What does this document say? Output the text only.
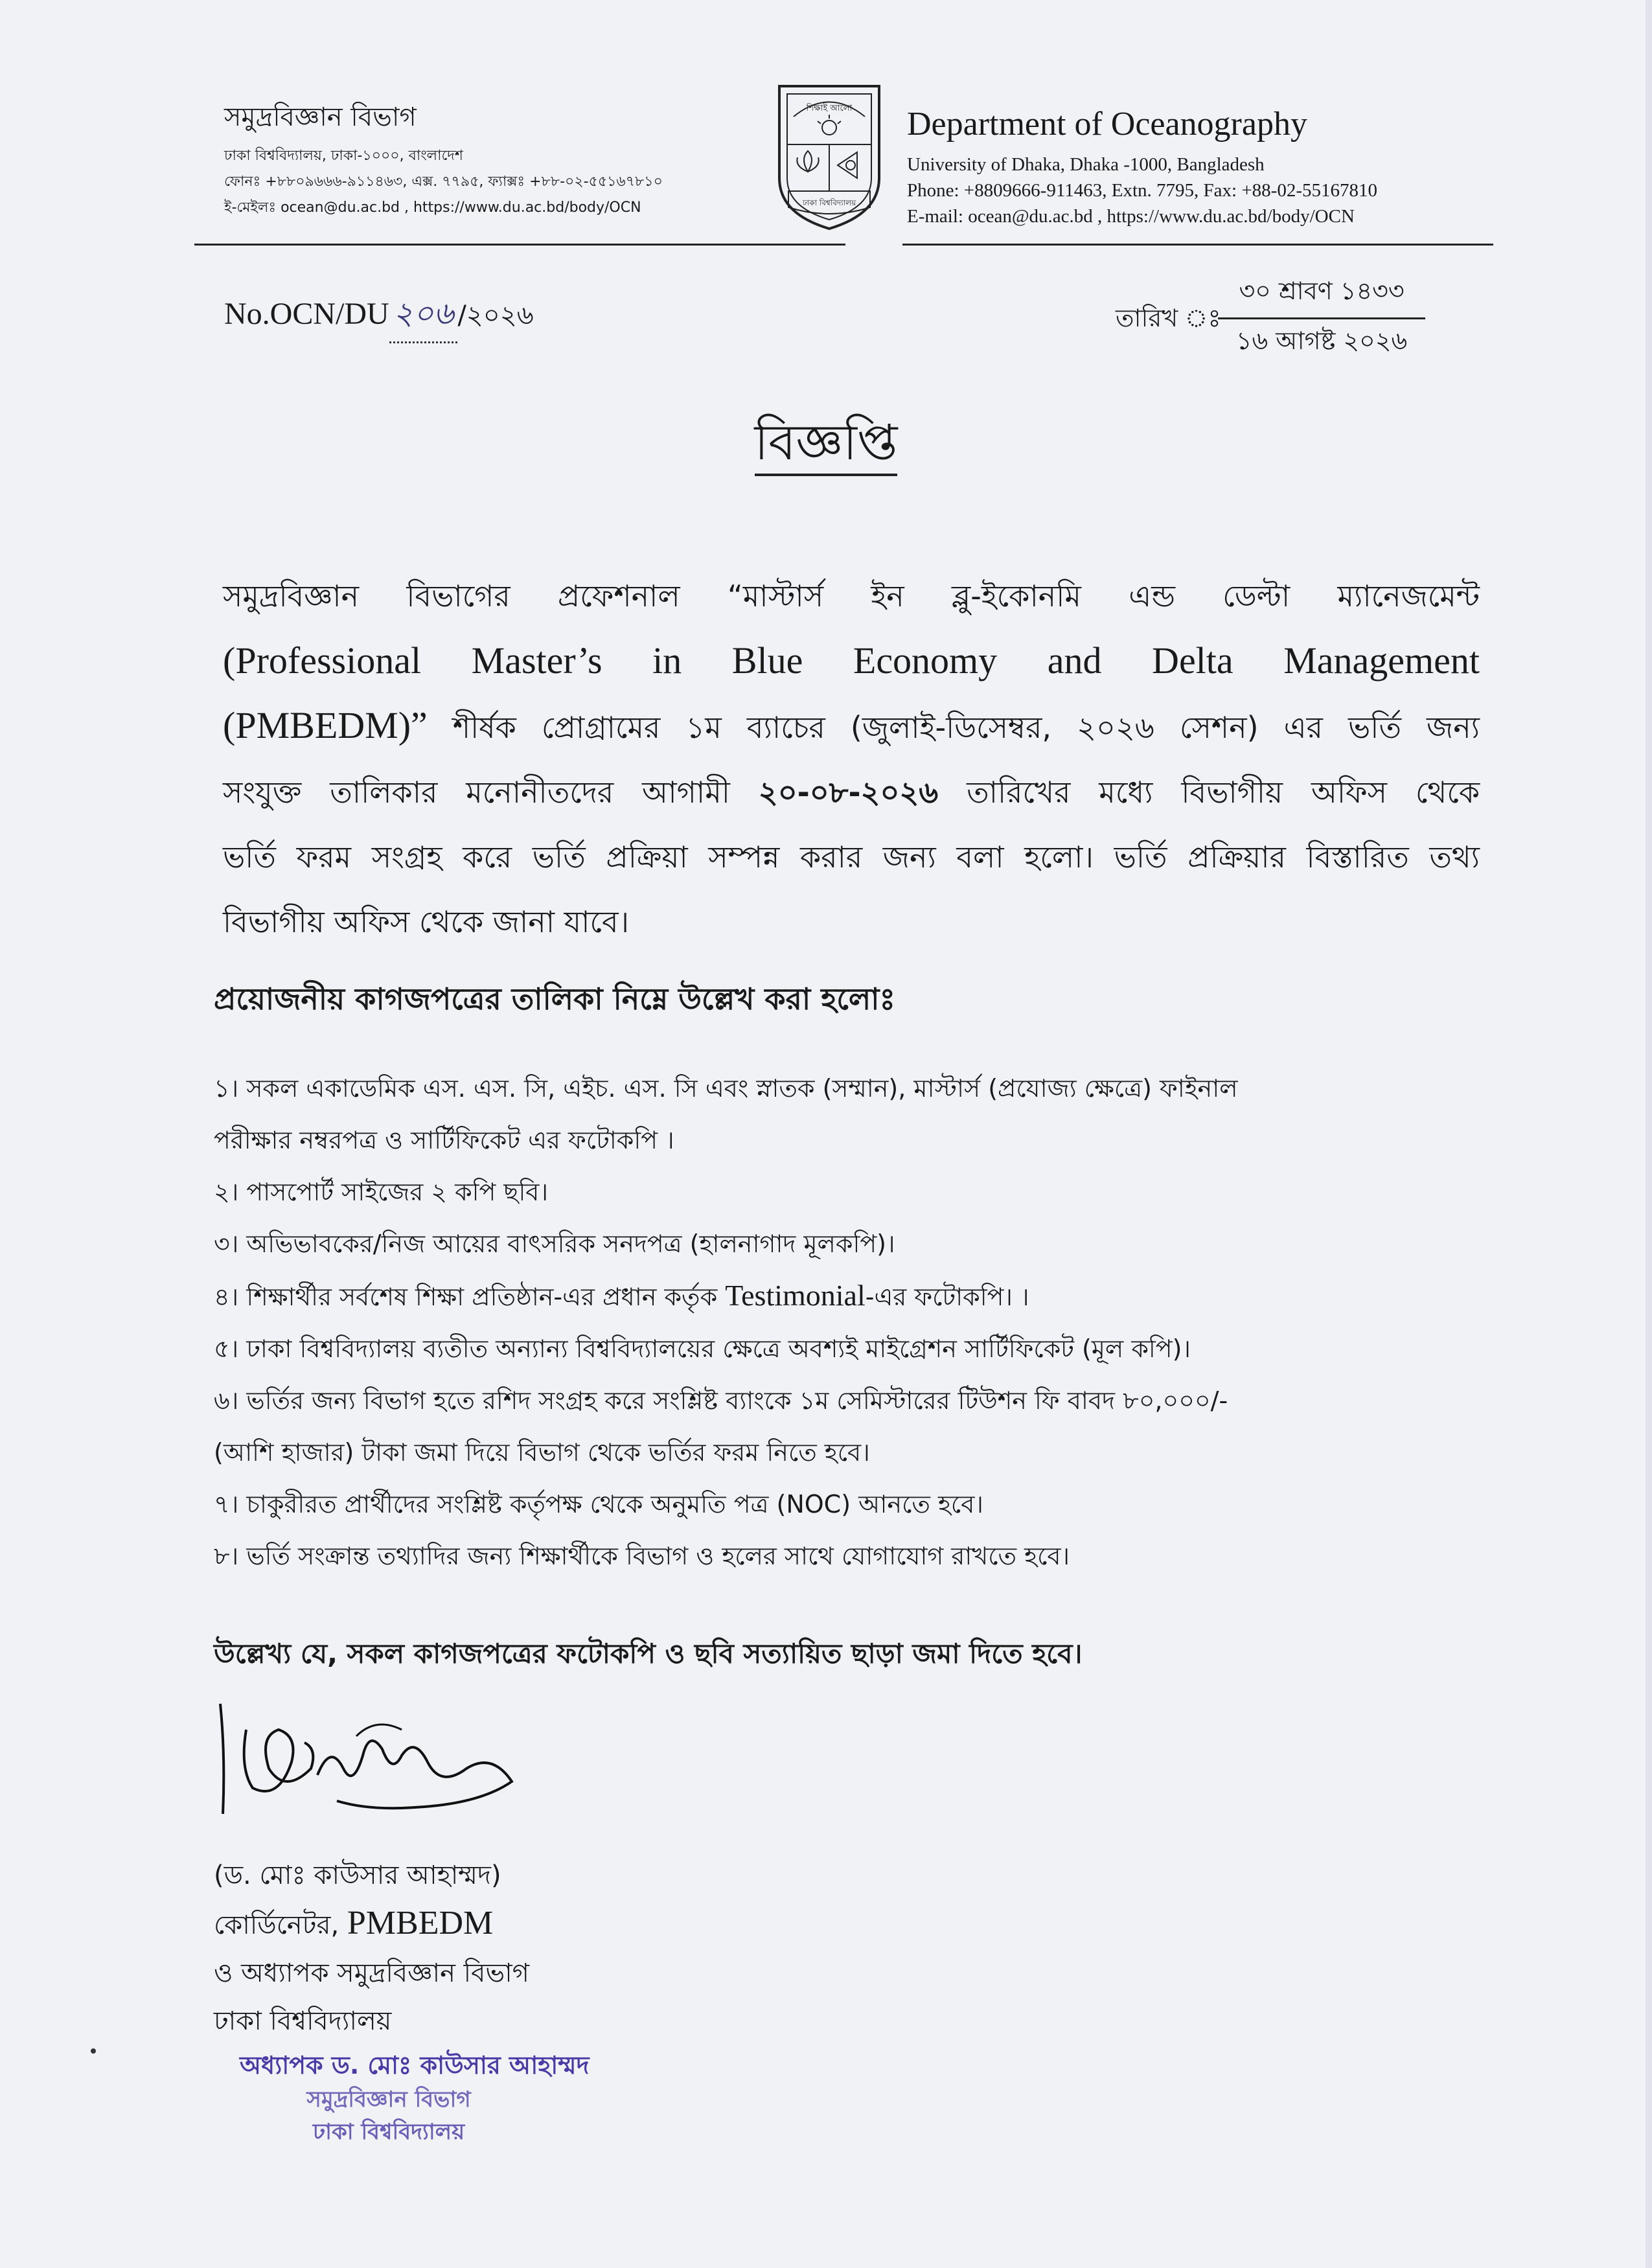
সমুদ্রবিজ্ঞান বিভাগ
ঢাকা বিশ্ববিদ্যালয়, ঢাকা-১০০০, বাংলাদেশ
ফোনঃ +৮৮০৯৬৬৬-৯১১৪৬৩, এক্স. ৭৭৯৫, ফ্যাক্সঃ +৮৮-০২-৫৫১৬৭৮১০
ই-মেইলঃ ocean@du.ac.bd , https://www.du.ac.bd/body/OCN
শিক্ষাই আলো
ঢাকা বিশ্ববিদ্যালয়
Department of Oceanography
University of Dhaka, Dhaka -1000, Bangladesh
Phone: +8809666-911463, Extn. 7795, Fax: +88-02-55167810
E-mail: ocean@du.ac.bd , https://www.du.ac.bd/body/OCN
No.OCN/DU ২০৬ /২০২৬	তারিখ ঃ
৩০ শ্রাবণ ১৪৩৩
১৬ আগষ্ট ২০২৬
বিজ্ঞপ্তি
সমুদ্রবিজ্ঞান বিভাগের প্রফেশনাল “মাস্টার্স ইন ব্লু-ইকোনমি এন্ড ডেল্টা ম্যানেজমেন্ট
(Professional Master’s in Blue Economy and Delta Management
(PMBEDM)” শীর্ষক প্রোগ্রামের ১ম ব্যাচের (জুলাই-ডিসেম্বর, ২০২৬ সেশন) এর ভর্তি জন্য
সংযুক্ত তালিকার মনোনীতদের আগামী ২০-০৮-২০২৬ তারিখের মধ্যে বিভাগীয় অফিস থেকে
ভর্তি ফরম সংগ্রহ করে ভর্তি প্রক্রিয়া সম্পন্ন করার জন্য বলা হলো। ভর্তি প্রক্রিয়ার বিস্তারিত তথ্য
বিভাগীয় অফিস থেকে জানা যাবে।
প্রয়োজনীয় কাগজপত্রের তালিকা নিম্নে উল্লেখ করা হলোঃ
১। সকল একাডেমিক এস. এস. সি, এইচ. এস. সি এবং স্নাতক (সম্মান), মাস্টার্স (প্রযোজ্য ক্ষেত্রে) ফাইনাল
পরীক্ষার নম্বরপত্র ও সার্টিফিকেট এর ফটোকপি ।
২। পাসপোর্ট সাইজের ২ কপি ছবি।
৩। অভিভাবকের/নিজ আয়ের বাৎসরিক সনদপত্র (হালনাগাদ মূলকপি)।
৪। শিক্ষার্থীর সর্বশেষ শিক্ষা প্রতিষ্ঠান-এর প্রধান কর্তৃক Testimonial-এর ফটোকপি। ।
৫। ঢাকা বিশ্ববিদ্যালয় ব্যতীত অন্যান্য বিশ্ববিদ্যালয়ের ক্ষেত্রে অবশ্যই মাইগ্রেশন সার্টিফিকেট (মূল কপি)।
৬। ভর্তির জন্য বিভাগ হতে রশিদ সংগ্রহ করে সংশ্লিষ্ট ব্যাংকে ১ম সেমিস্টারের টিউশন ফি বাবদ ৮০,০০০/-
(আশি হাজার) টাকা জমা দিয়ে বিভাগ থেকে ভর্তির ফরম নিতে হবে।
৭। চাকুরীরত প্রার্থীদের সংশ্লিষ্ট কর্তৃপক্ষ থেকে অনুমতি পত্র (NOC) আনতে হবে।
৮। ভর্তি সংক্রান্ত তথ্যাদির জন্য শিক্ষার্থীকে বিভাগ ও হলের সাথে যোগাযোগ রাখতে হবে।
উল্লেখ্য যে, সকল কাগজপত্রের ফটোকপি ও ছবি সত্যায়িত ছাড়া জমা দিতে হবে।
(ড. মোঃ কাউসার আহাম্মদ)
কোর্ডিনেটর, PMBEDM
ও অধ্যাপক সমুদ্রবিজ্ঞান বিভাগ
ঢাকা বিশ্ববিদ্যালয়
অধ্যাপক ড. মোঃ কাউসার আহাম্মদ
সমুদ্রবিজ্ঞান বিভাগ
ঢাকা বিশ্ববিদ্যালয়
